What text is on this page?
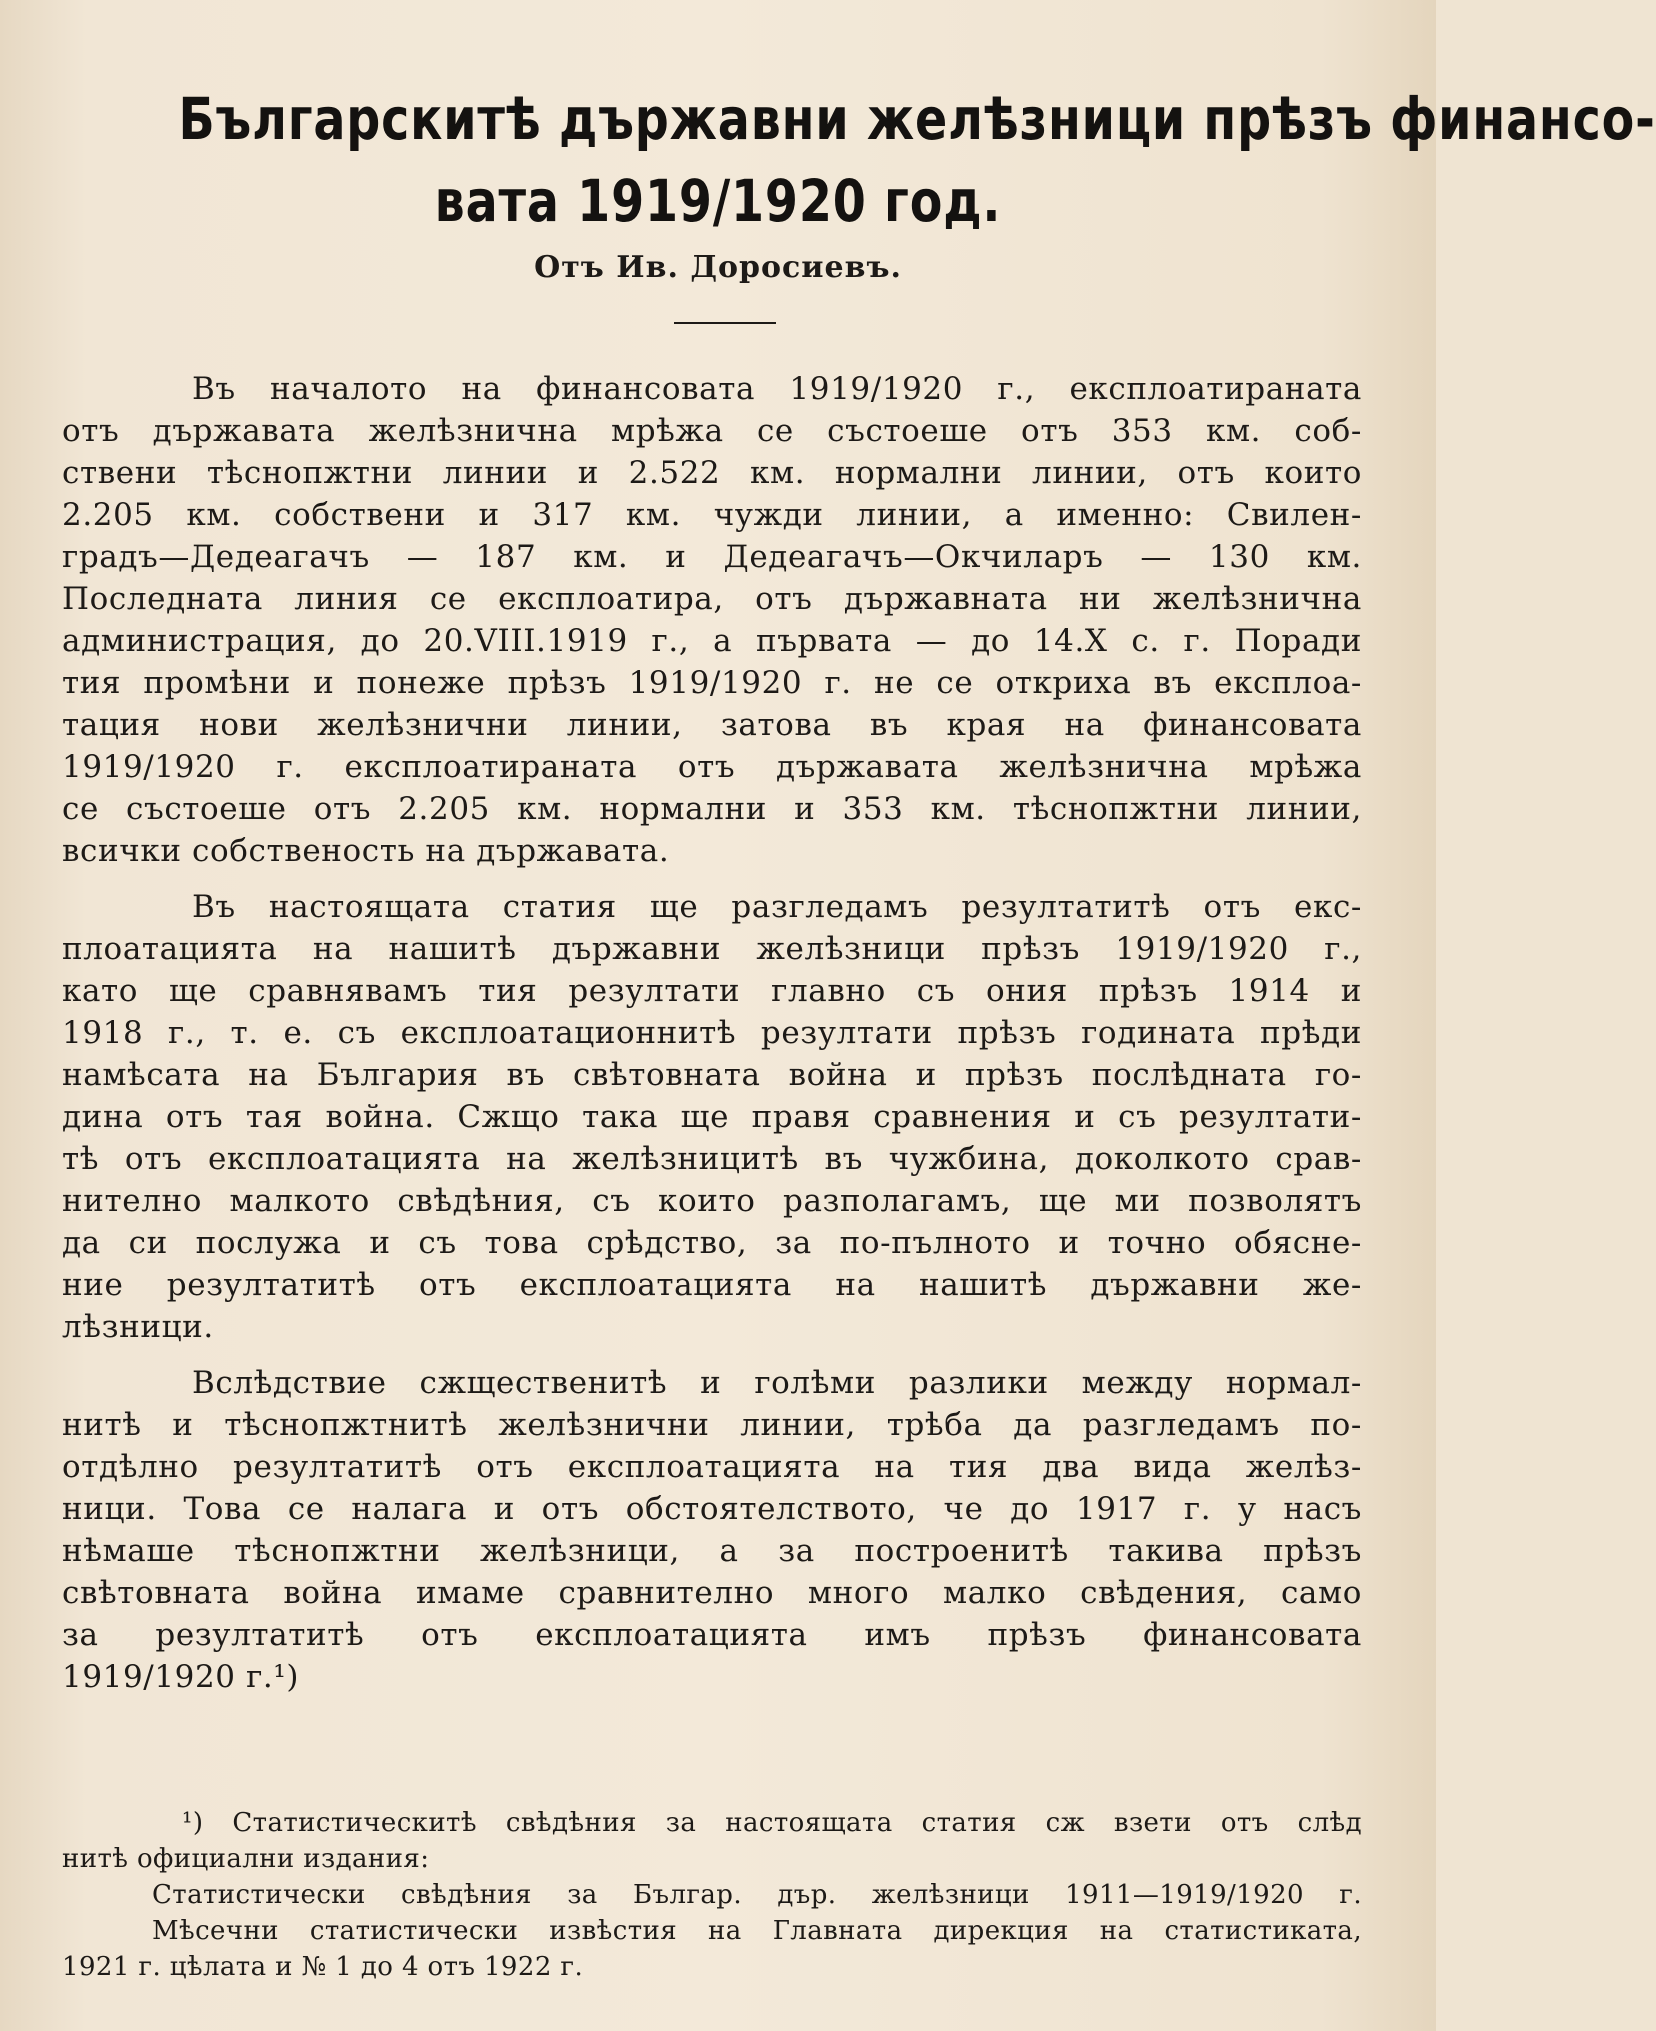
Българскитѣ държавни желѣзници прѣзъ финансо-
вата 1919/1920 год.
Отъ Ив. Доросиевъ.
Въ началото на финансовата 1919/1920 г., експлоатираната
отъ държавата желѣзнична мрѣжа се състоеше отъ 353 км. соб-
ствени тѣснопжтни линии и 2.522 км. нормални линии, отъ които
2.205 км. собствени и 317 км. чужди линии, а именно: Свилен-
градъ—Дедеагачъ — 187 км. и Дедеагачъ—Окчиларъ — 130 км.
Последната линия се експлоатира, отъ държавната ни желѣзнична
администрация, до 20.VIII.1919 г., а първата — до 14.X с. г. Поради
тия промѣни и понеже прѣзъ 1919/1920 г. не се откриха въ експлоа-
тация нови желѣзнични линии, затова въ края на финансовата
1919/1920 г. експлоатираната отъ държавата желѣзнична мрѣжа
се състоеше отъ 2.205 км. нормални и 353 км. тѣснопжтни линии,
всички собственость на държавата.
Въ настоящата статия ще разгледамъ резултатитѣ отъ екс-
плоатацията на нашитѣ държавни желѣзници прѣзъ 1919/1920 г.,
като ще сравнявамъ тия резултати главно съ ония прѣзъ 1914 и
1918 г., т. е. съ експлоатационнитѣ резултати прѣзъ годината прѣди
намѣсата на България въ свѣтовната война и прѣзъ послѣдната го-
дина отъ тая война. Сжщо така ще правя сравнения и съ резултати-
тѣ отъ експлоатацията на желѣзницитѣ въ чужбина, доколкото срав-
нително малкото свѣдѣния, съ които разполагамъ, ще ми позволятъ
да си послужа и съ това срѣдство, за по-пълното и точно обясне-
ние резултатитѣ отъ експлоатацията на нашитѣ държавни же-
лѣзници.
Вслѣдствие сжщественитѣ и голѣми разлики между нормал-
нитѣ и тѣснопжтнитѣ желѣзнични линии, трѣба да разгледамъ по-
отдѣлно резултатитѣ отъ експлоатацията на тия два вида желѣз-
ници. Това се налага и отъ обстоятелството, че до 1917 г. у насъ
нѣмаше тѣснопжтни желѣзници, а за построенитѣ такива прѣзъ
свѣтовната война имаме сравнително много малко свѣдения, само
за резултатитѣ отъ експлоатацията имъ прѣзъ финансовата
1919/1920 г.¹)
¹) Статистическитѣ свѣдѣния за настоящата статия сж взети отъ слѣд
нитѣ официални издания:
Статистически свѣдѣния за Българ. дър. желѣзници 1911—1919/1920 г.
Мѣсечни статистически извѣстия на Главната дирекция на статистиката,
1921 г. цѣлата и № 1 до 4 отъ 1922 г.
